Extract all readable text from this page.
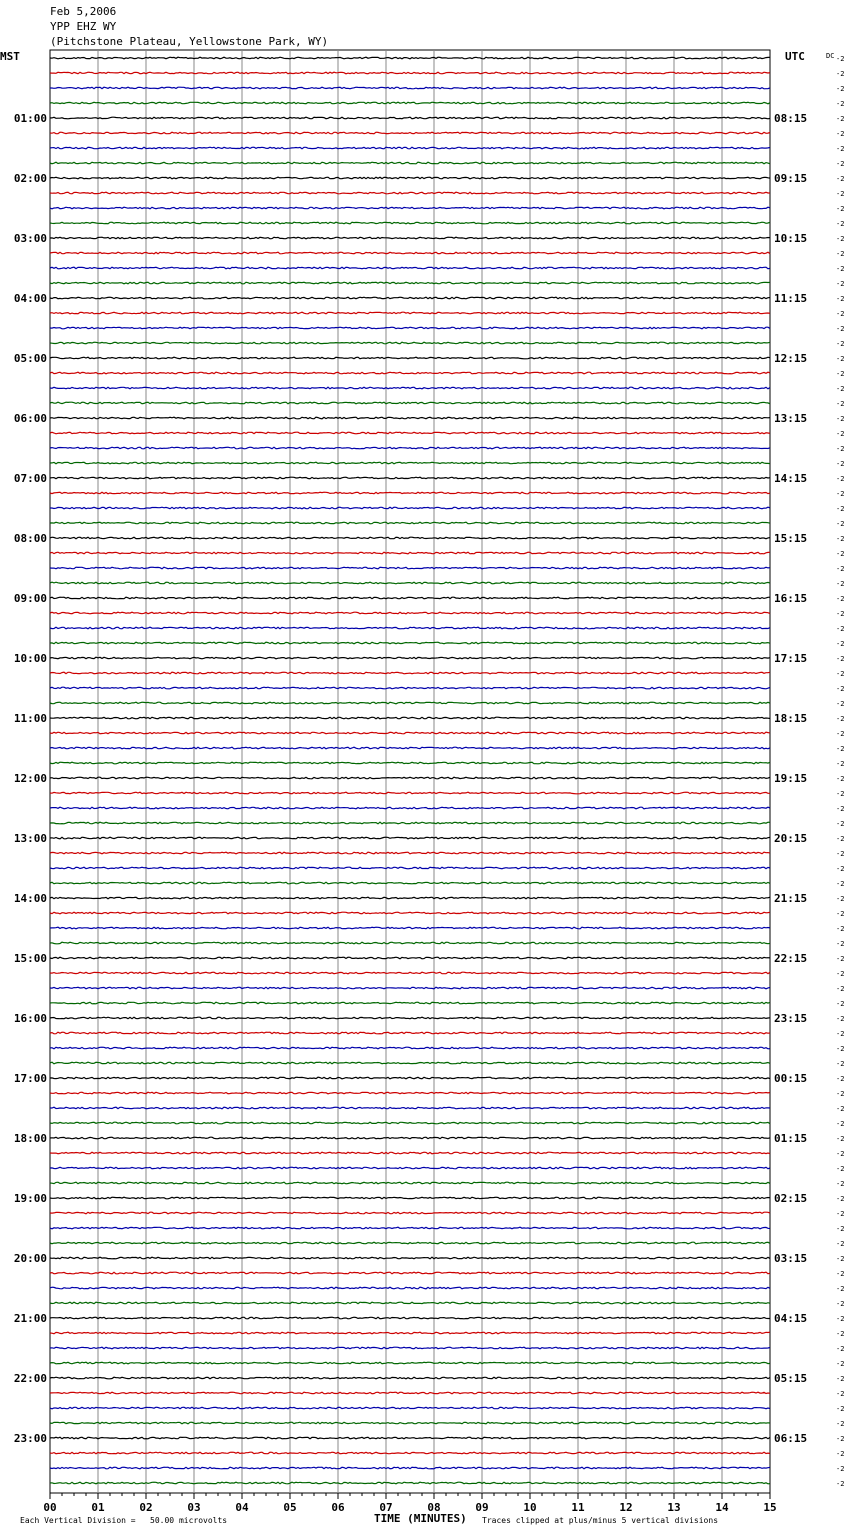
Feb 5,2006
YPP EHZ WY
(Pitchstone Plateau, Yellowstone Park, WY)
MST	UTC	DC -2
-2
-2
-2
-2
-2
-2
-2
-2
-2
-2
-2
-2
-2
-2
-2
-2
-2
-2
-2
-2
-2
-2
-2
-2
-2
-2
-2
-2
-2
-2
-2
-2
-2
-2
-2
-2
-2
-2
-2
-2
-2
-2
-2
-2
-2
-2
-2
-2
-2
-2
-2
-2
-2
-2
-2
-2
-2
-2
-2
-2
-2
-2
-2
-2
-2
-2
-2
-2
-2
-2
-2
-2
-2
-2
-2
-2
-2
-2
-2
-2
-2
-2
-2
-2
-2
-2
-2
-2
-2
-2
-2
-2
-2
-2
-2
01:00
02:00
03:00
04:00
05:00
06:00
07:00
08:00
09:00
10:00
11:00
12:00
13:00
14:00
15:00
16:00
17:00
18:00
19:00
20:00
21:00
22:00
23:00
08:15
09:15
10:15
11:15
12:15
13:15
14:15
15:15
16:15
17:15
18:15
19:15
20:15
21:15
22:15
23:15
00:15
01:15
02:15
03:15
04:15
05:15
06:15
00	01	02	03	04	05	06	07	08	09	10	11	12	13	14	15
TIME (MINUTES)
Each Vertical Division =   50.00 microvolts	Traces clipped at plus/minus 5 vertical divisions
